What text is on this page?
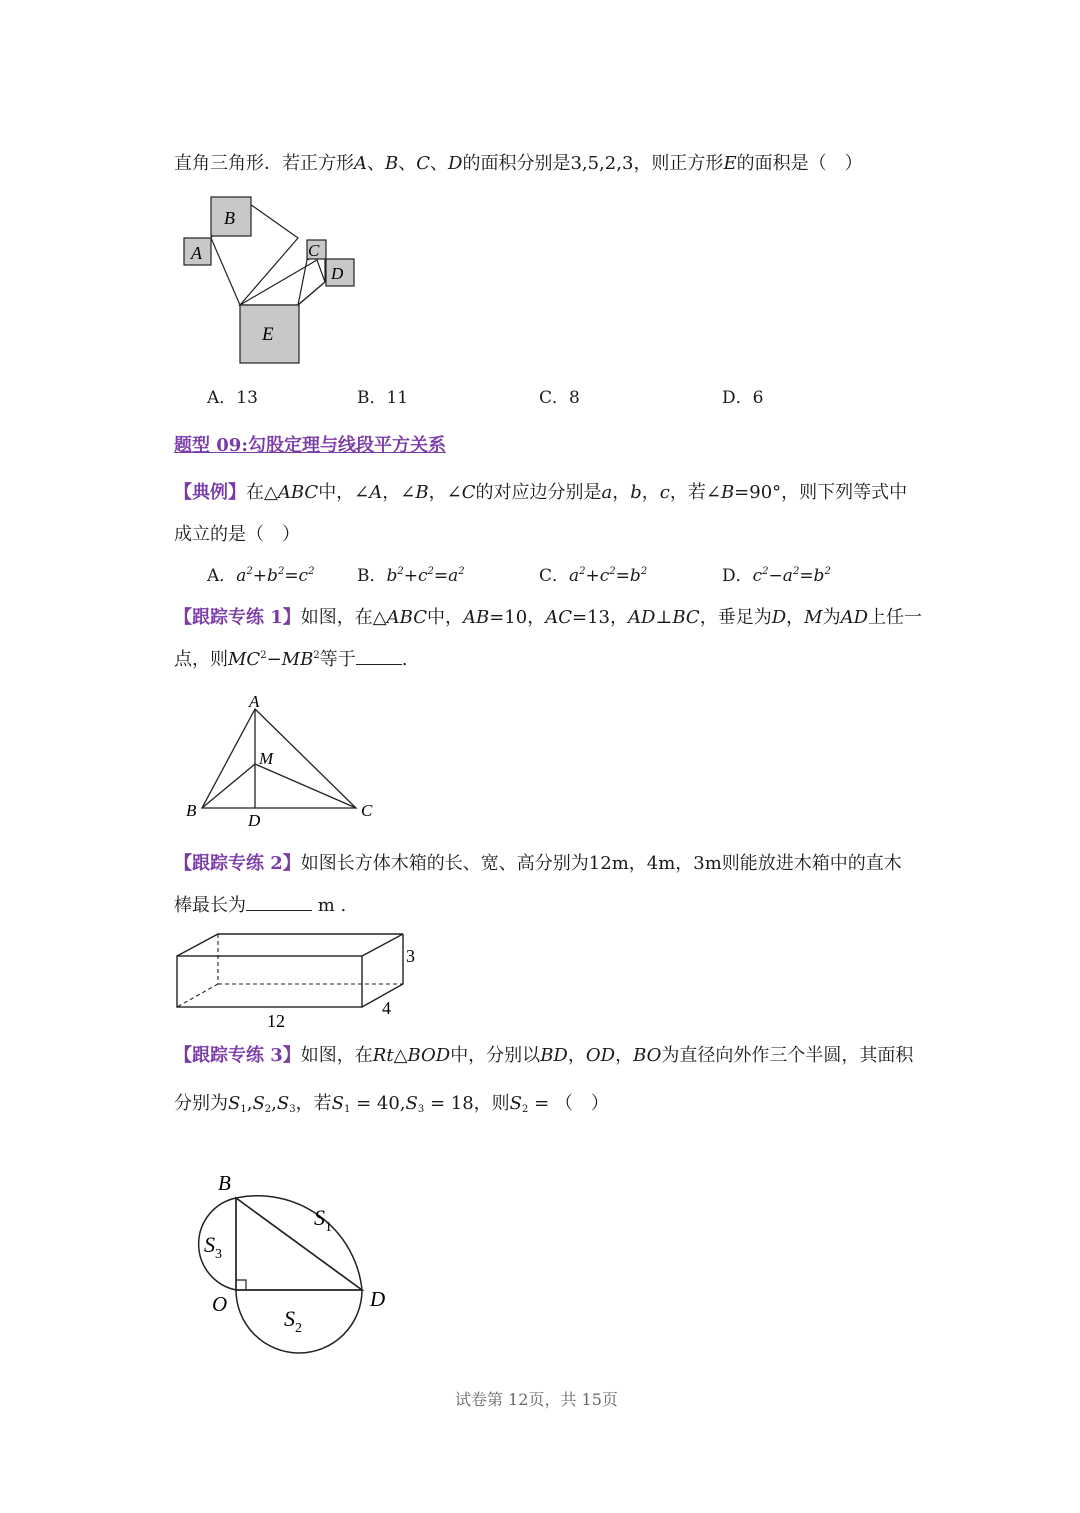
直角三角形．若正方形A、B、C、D的面积分别是3,5,2,3，则正方形E的面积是（　）
B
A	C
D
E
A．13	B．11	C．8	D．6
题型 09:勾股定理与线段平方关系
【典例】在△ABC中，∠A，∠B，∠C的对应边分别是a，b，c，若∠B=90°，则下列等式中
成立的是（　）
A．$a^2+b^2=c^2$	B．$b^2+c^2=a^2$	C．$a^2+c^2=b^2$	D．$c^2-a^2=b^2$
【跟踪专练 1】如图，在△ABC中，AB=10，AC=13，AD⊥BC，垂足为D，M为AD上任一
点，则$MC^2-MB^2$等于	.
A
M
B
D
C
【跟踪专练 2】如图长方体木箱的长、宽、高分别为12m，4m，3m则能放进木箱中的直木
棒最长为	m .
3
4
12
【跟踪专练 3】如图，在Rt△BOD中，分别以BD，OD，BO为直径向外作三个半圆，其面积
分别为$S_1,S_2,S_3$，若$S_1 = 40,S_3 = 18$，则$S_2$ = （　）
B
O	D
$S_1$
$S_3$
$S_2$
试卷第 12页，共 15页
